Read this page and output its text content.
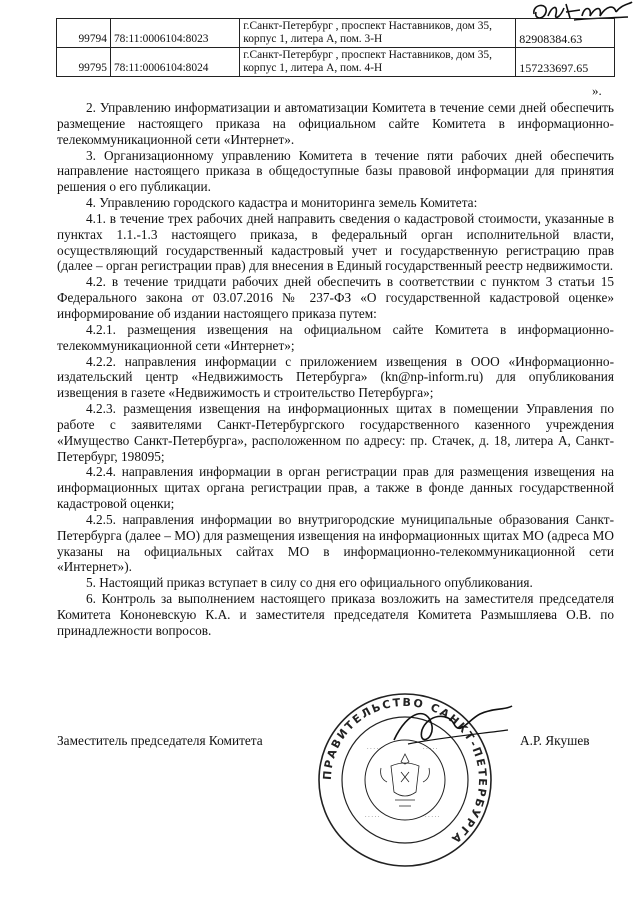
99794	78:11:0006104:8023	г.Санкт-Петербург , проспект Наставников, дом 35, корпус 1, литера А, пом. 3-Н	82908384.63
99795	78:11:0006104:8024	г.Санкт-Петербург , проспект Наставников, дом 35, корпус 1, литера А, пом. 4-Н	157233697.65
».

2. Управлению информатизации и автоматизации Комитета в течение семи дней обеспечить размещение настоящего приказа на официальном сайте Комитета в информационно-телекоммуникационной сети «Интернет».

3. Организационному управлению Комитета в течение пяти рабочих дней обеспечить направление настоящего приказа в общедоступные базы правовой информации для принятия решения о его публикации.

4. Управлению городского кадастра и мониторинга земель Комитета:

4.1. в течение трех рабочих дней направить сведения о кадастровой стоимости, указанные в пунктах 1.1.-1.3 настоящего приказа, в федеральный орган исполнительной власти, осуществляющий государственный кадастровый учет и государственную регистрацию прав (далее – орган регистрации прав) для внесения в Единый государственный реестр недвижимости.

4.2. в течение тридцати рабочих дней обеспечить в соответствии с пунктом 3 статьи 15 Федерального закона от 03.07.2016 № 237-ФЗ «О государственной кадастровой оценке» информирование об издании настоящего приказа путем:

4.2.1. размещения извещения на официальном сайте Комитета в информационно-телекоммуникационной сети «Интернет»;

4.2.2. направления информации с приложением извещения в ООО «Информационно-издательский центр «Недвижимость Петербурга» (kn@np-inform.ru) для опубликования извещения в газете «Недвижимость и строительство Петербурга»;

4.2.3. размещения извещения на информационных щитах в помещении Управления по работе с заявителями Санкт-Петербургского государственного казенного учреждения «Имущество Санкт-Петербурга», расположенном по адресу: пр. Стачек, д. 18, литера А, Санкт-Петербург, 198095;

4.2.4. направления информации в орган регистрации прав для размещения извещения на информационных щитах органа регистрации прав, а также в фонде данных государственной кадастровой оценки;

4.2.5. направления информации во внутригородские муниципальные образования Санкт-Петербурга (далее – МО) для размещения извещения на информационных щитах МО (адреса МО указаны на официальных сайтах МО в информационно-телекоммуникационной сети «Интернет»).

5. Настоящий приказ вступает в силу со дня его официального опубликования.

6. Контроль за выполнением настоящего приказа возложить на заместителя председателя Комитета Кононевскую К.А. и заместителя председателя Комитета Размышляева О.В. по принадлежности вопросов.

ПРАВИТЕЛЬСТВО САНКТ-ПЕТЕРБУРГА
· · · · ·	· · · · ·
· · · · ·	· · · · ·
Заместитель председателя Комитета	А.Р. Якушев
